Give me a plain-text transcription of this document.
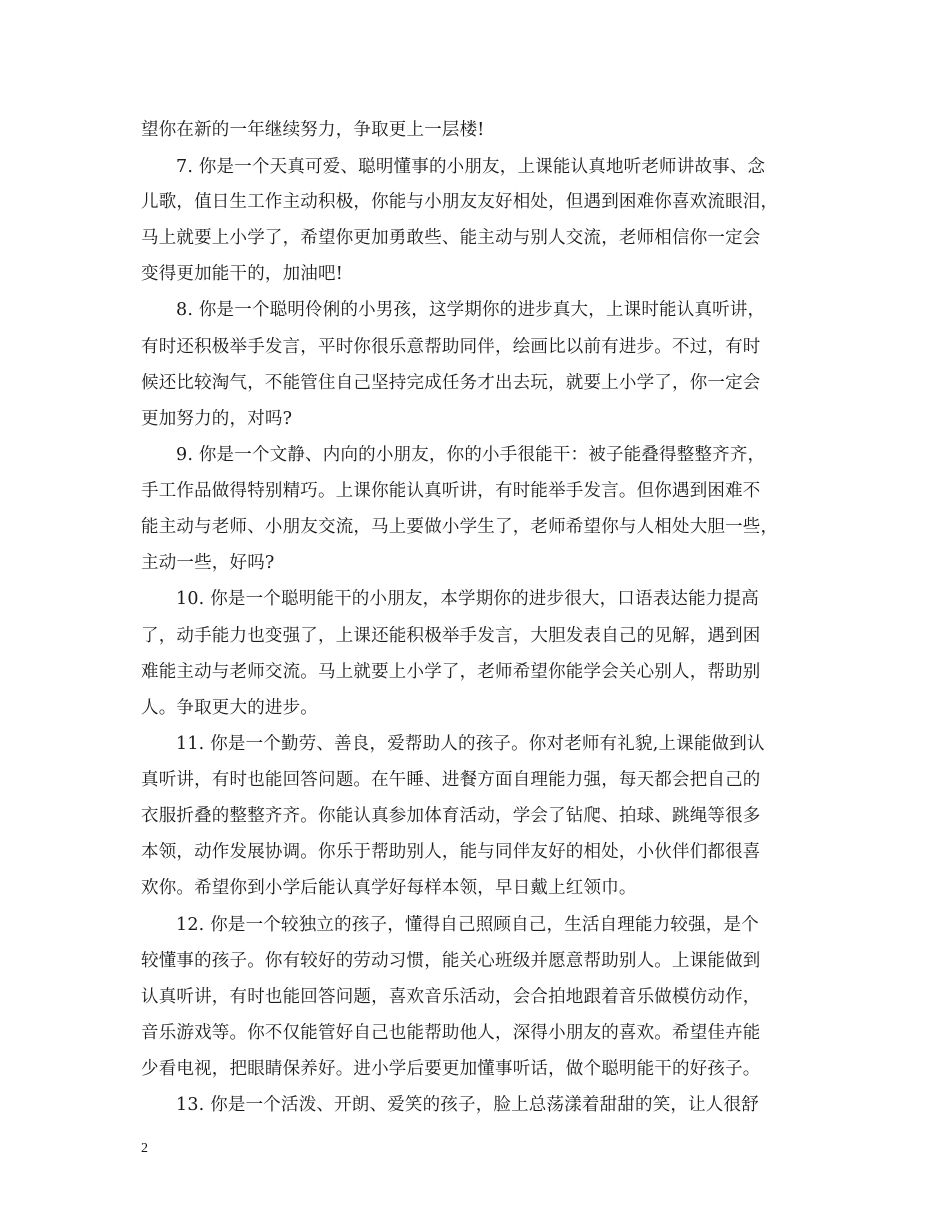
望你在新的一年继续努力，争取更上一层楼!
7. 你是一个天真可爱、聪明懂事的小朋友，上课能认真地听老师讲故事、念
儿歌，值日生工作主动积极，你能与小朋友友好相处，但遇到困难你喜欢流眼泪，
马上就要上小学了，希望你更加勇敢些、能主动与别人交流，老师相信你一定会
变得更加能干的，加油吧!
8. 你是一个聪明伶俐的小男孩，这学期你的进步真大，上课时能认真听讲，
有时还积极举手发言，平时你很乐意帮助同伴，绘画比以前有进步。不过，有时
候还比较淘气，不能管住自己坚持完成任务才出去玩，就要上小学了，你一定会
更加努力的，对吗?
9. 你是一个文静、内向的小朋友，你的小手很能干：被子能叠得整整齐齐，
手工作品做得特别精巧。上课你能认真听讲，有时能举手发言。但你遇到困难不
能主动与老师、小朋友交流，马上要做小学生了，老师希望你与人相处大胆一些，
主动一些，好吗?
10. 你是一个聪明能干的小朋友，本学期你的进步很大，口语表达能力提高
了，动手能力也变强了，上课还能积极举手发言，大胆发表自己的见解，遇到困
难能主动与老师交流。马上就要上小学了，老师希望你能学会关心别人，帮助别
人。争取更大的进步。
11. 你是一个勤劳、善良，爱帮助人的孩子。你对老师有礼貌,上课能做到认
真听讲，有时也能回答问题。在午睡、进餐方面自理能力强，每天都会把自己的
衣服折叠的整整齐齐。你能认真参加体育活动，学会了钻爬、拍球、跳绳等很多
本领，动作发展协调。你乐于帮助别人，能与同伴友好的相处，小伙伴们都很喜
欢你。希望你到小学后能认真学好每样本领，早日戴上红领巾。
12. 你是一个较独立的孩子，懂得自己照顾自己，生活自理能力较强，是个
较懂事的孩子。你有较好的劳动习惯，能关心班级并愿意帮助别人。上课能做到
认真听讲，有时也能回答问题，喜欢音乐活动，会合拍地跟着音乐做模仿动作，
音乐游戏等。你不仅能管好自己也能帮助他人，深得小朋友的喜欢。希望佳卉能
少看电视，把眼睛保养好。进小学后要更加懂事听话，做个聪明能干的好孩子。
13. 你是一个活泼、开朗、爱笑的孩子，脸上总荡漾着甜甜的笑，让人很舒
2
